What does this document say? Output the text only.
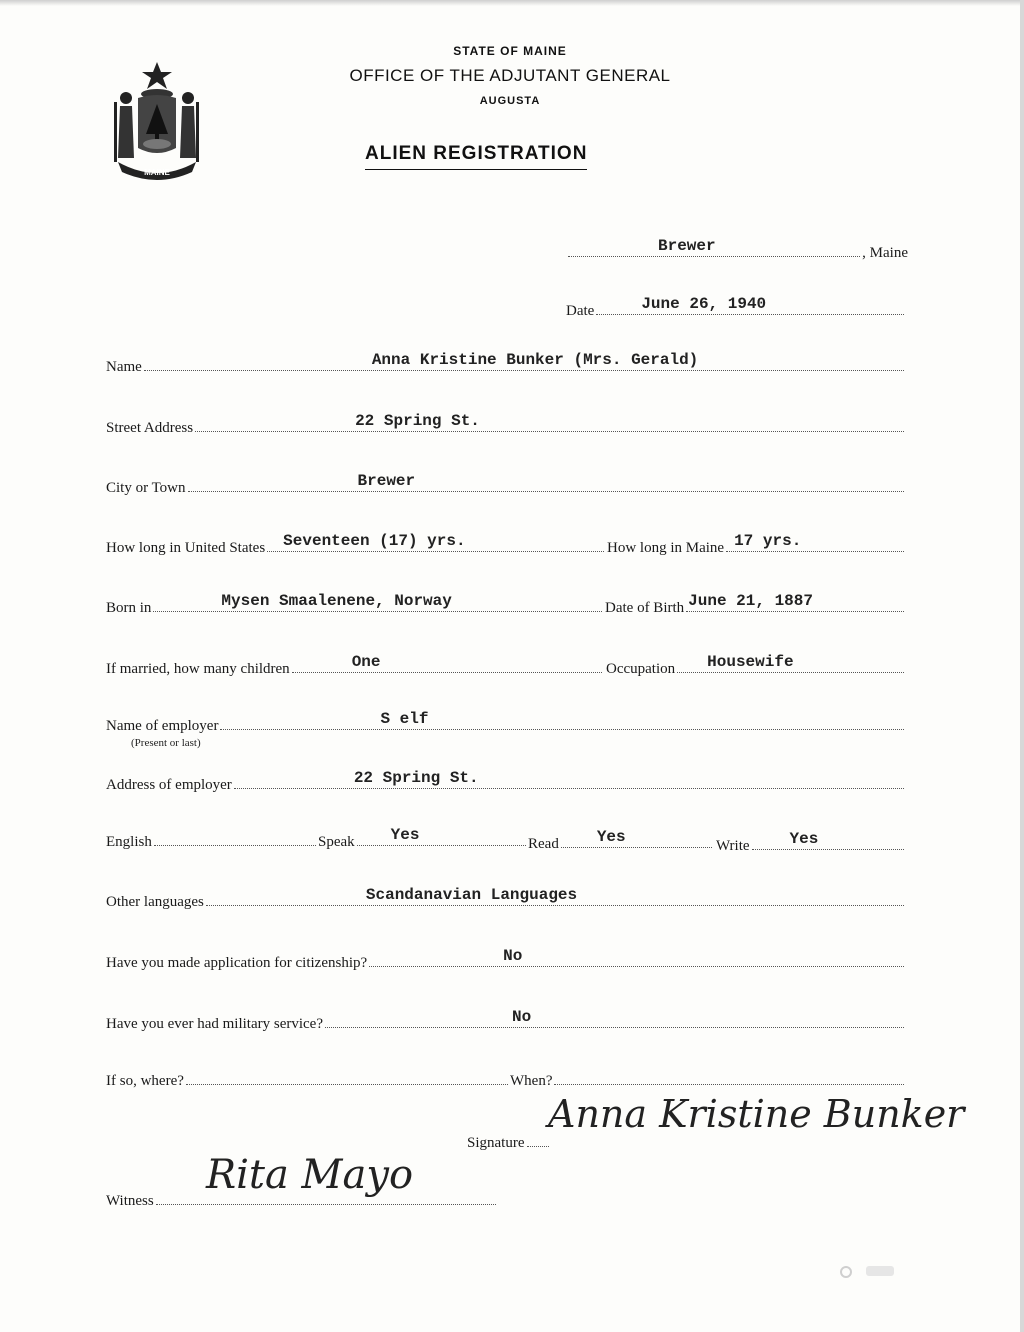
MAINE
STATE OF MAINE
OFFICE OF THE ADJUTANT GENERAL
AUGUSTA
ALIEN REGISTRATION
Brewer	, Maine
Date	June 26, 1940
Name	Anna Kristine Bunker (Mrs. Gerald)
Street Address	22 Spring St.
City or Town	Brewer
How long in United States Seventeen (17) yrs.	How long in Maine 17 yrs.
Born in	Mysen Smaalenene, Norway	Date of Birth June 21, 1887
If married, how many children	One	Occupation Housewife
Name of employer	S elf
(Present or last)
Address of employer	22 Spring St.
English	Speak Yes	Read Yes	Write	Yes
Other languages	Scandanavian Languages
Have you made application for citizenship?	No
Have you ever had military service?	No
If so, where?	When?
Signature
Anna Kristine Bunker
Witness
Rita Mayo
